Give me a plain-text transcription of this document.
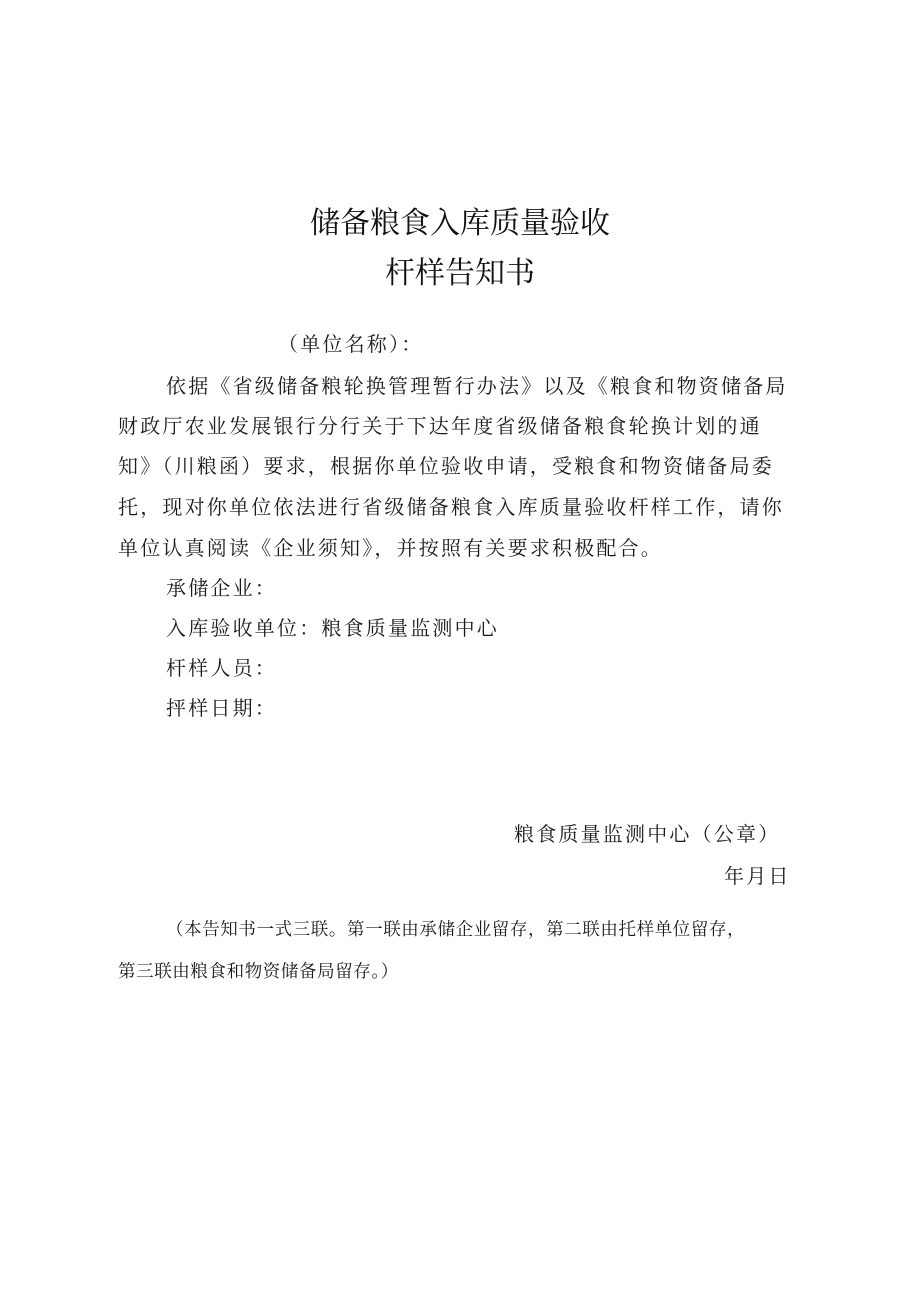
储备粮食入库质量验收
杆样告知书
（单位名称）：
依据《省级储备粮轮换管理暂行办法》以及《粮食和物资储备局
财政厅农业发展银行分行关于下达年度省级储备粮食轮换计划的通
知》（川粮函）要求，根据你单位验收申请，受粮食和物资储备局委
托，现对你单位依法进行省级储备粮食入库质量验收杆样工作，请你
单位认真阅读《企业须知》，并按照有关要求积极配合。
承储企业：
入库验收单位：粮食质量监测中心
杆样人员：
抨样日期：
粮食质量监测中心（公章）
年月日
（本告知书一式三联。第一联由承储企业留存，第二联由托样单位留存，
第三联由粮食和物资储备局留存。）
